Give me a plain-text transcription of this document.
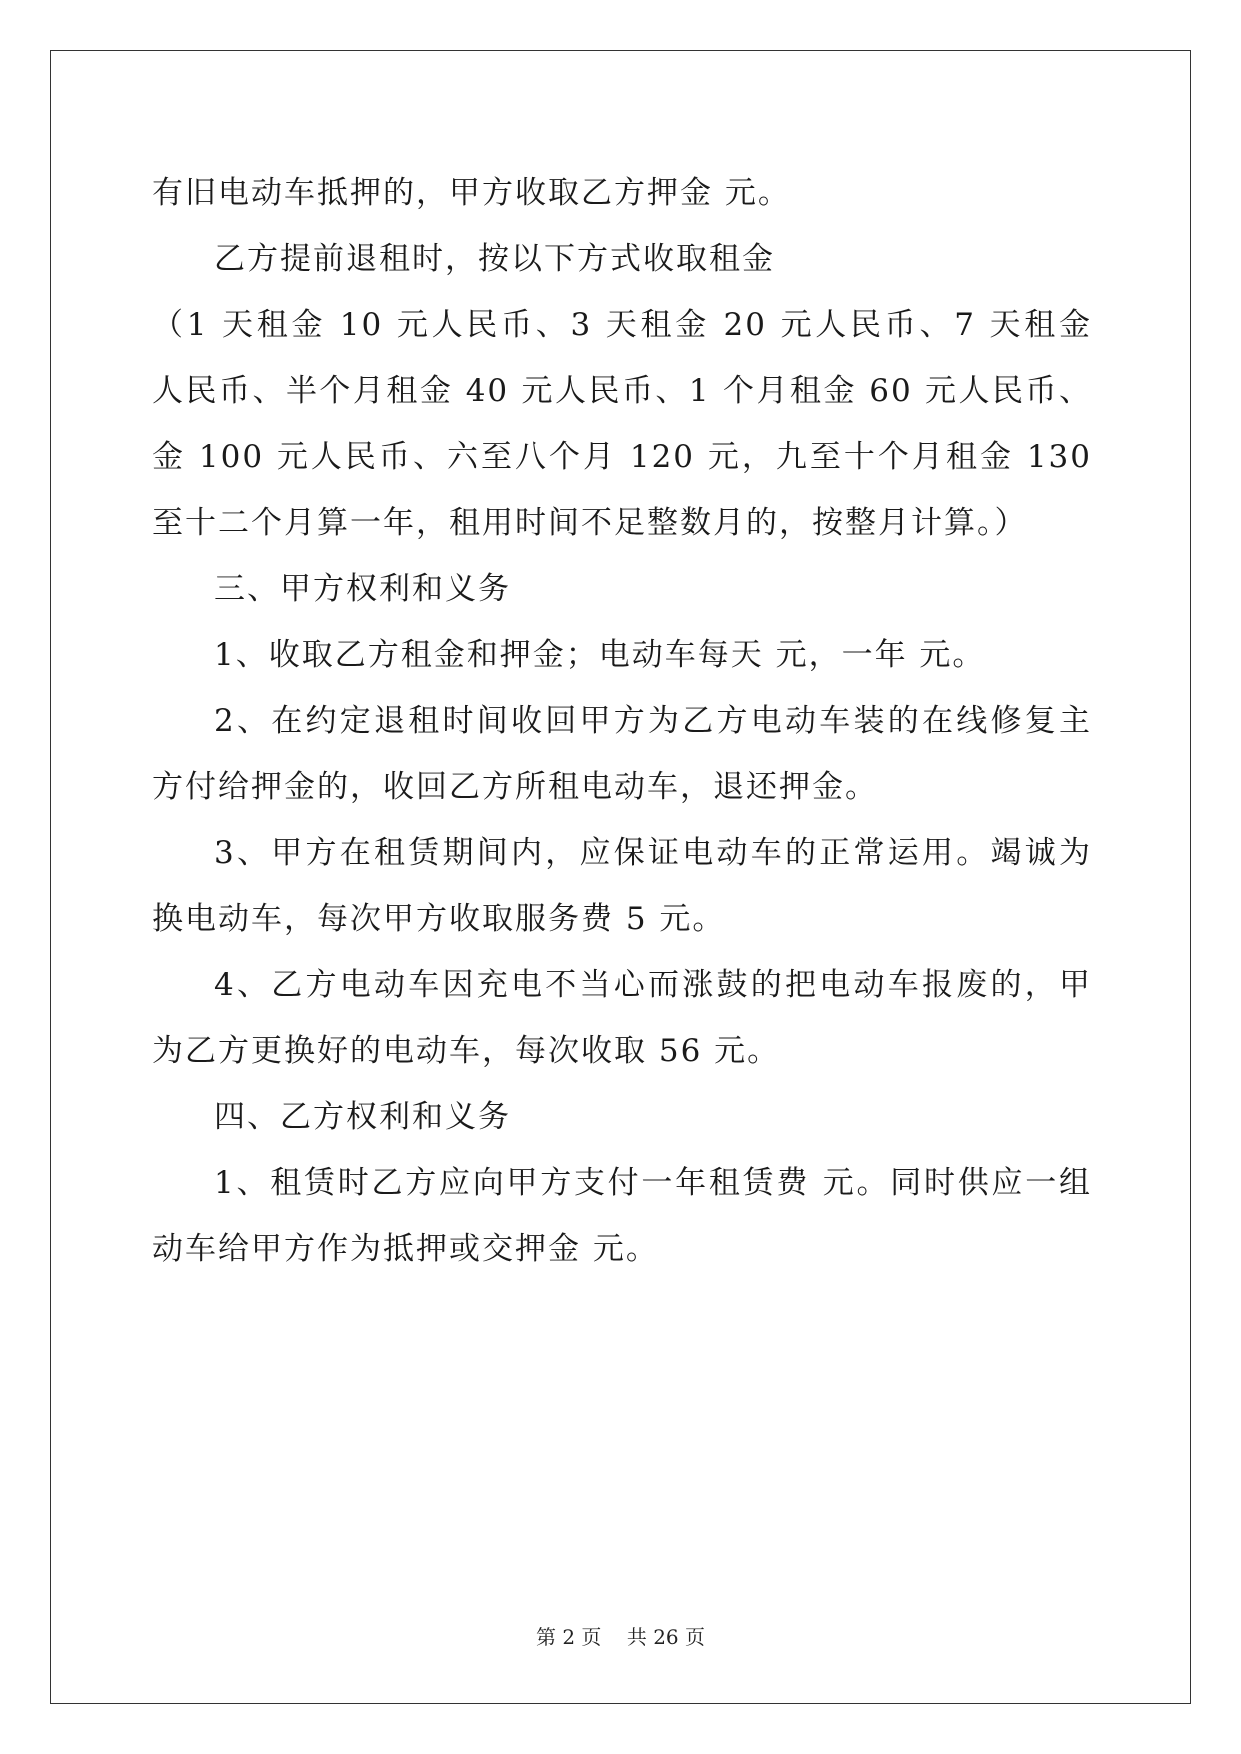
有旧电动车抵押的，甲方收取乙方押金 元。
乙方提前退租时，按以下方式收取租金
（1 天租金 10 元人民币、3 天租金 20 元人民币、7 天租金
人民币、半个月租金 40 元人民币、1 个月租金 60 元人民币、
金 100 元人民币、六至八个月 120 元，九至十个月租金 130
至十二个月算一年，租用时间不足整数月的，按整月计算。）
三、甲方权利和义务
1、收取乙方租金和押金；电动车每天 元，一年 元。
2、在约定退租时间收回甲方为乙方电动车装的在线修复主
方付给押金的，收回乙方所租电动车，退还押金。
3、甲方在租赁期间内，应保证电动车的正常运用。竭诚为
换电动车，每次甲方收取服务费 5 元。
4、乙方电动车因充电不当心而涨鼓的把电动车报废的，甲
为乙方更换好的电动车，每次收取 56 元。
四、乙方权利和义务
1、租赁时乙方应向甲方支付一年租赁费 元。同时供应一组
动车给甲方作为抵押或交押金 元。
第 2 页    共 26 页
